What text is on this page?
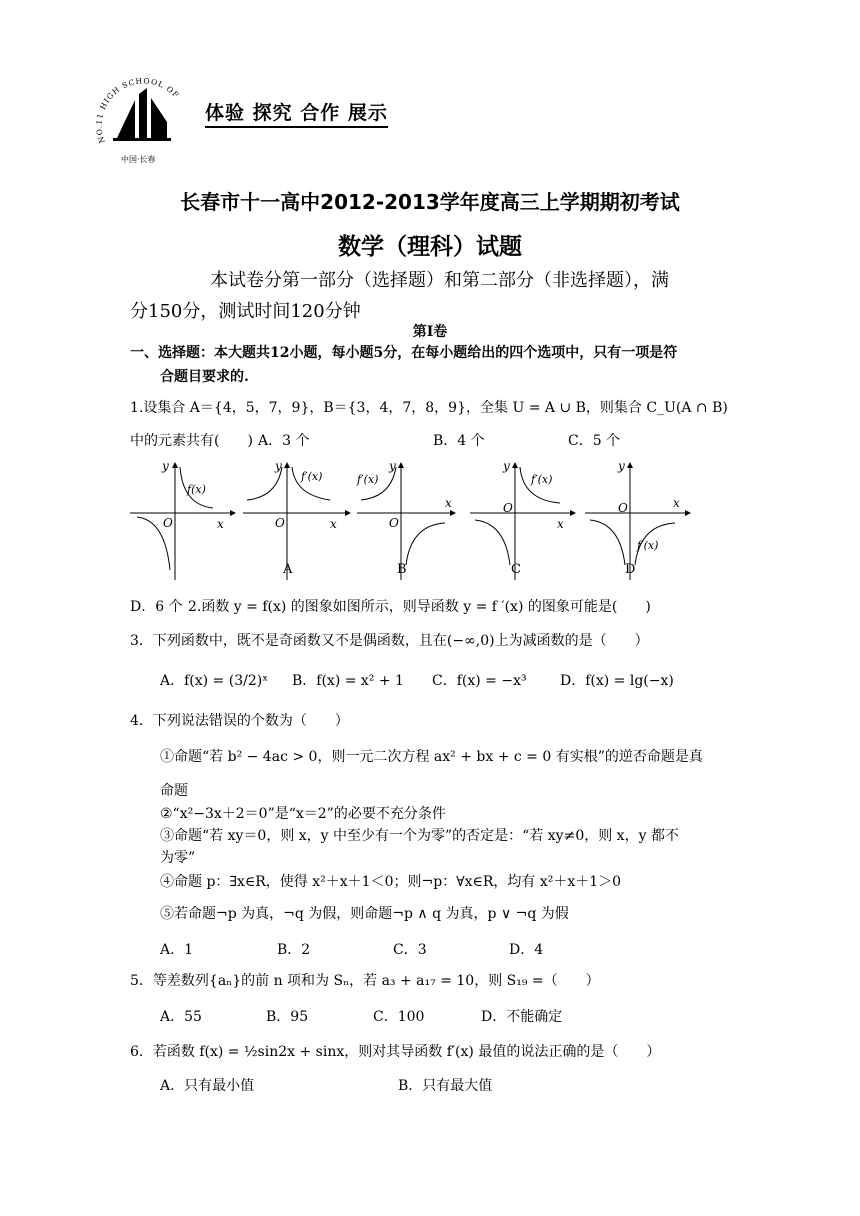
NO.11 HIGH SCHOOL OF
中国·长春
体验 探究 合作 展示
长春市十一高中2012-2013学年度高三上学期期初考试
数学（理科）试题
本试卷分第一部分（选择题）和第二部分（非选择题），满
分150分，测试时间120分钟
第Ⅰ卷
一、选择题：本大题共12小题，每小题5分，在每小题给出的四个选项中，只有一项是符
合题目要求的.
1.设集合 A＝{4，5，7，9}，B＝{3，4，7，8，9}，全集 U = A ∪ B，则集合 C_U(A ∩ B)
中的元素共有(　　) A．3 个	B．4 个	C．5 个
y
f(x)
O	x
y
f′(x)
O	x
A
y
f′(x)
O
x
B
y
f′(x)
O
x
C
y
f′(x)
O	x
D
D．6 个 2.函数 y = f(x) 的图象如图所示，则导函数 y = f ′(x) 的图象可能是(　　)
3．下列函数中，既不是奇函数又不是偶函数，且在(−∞,0)上为减函数的是（　　）
A．f(x) = (3/2)ˣ B．f(x) = x² + 1 C．f(x) = −x³ D．f(x) = lg(−x)
4．下列说法错误的个数为（　　）
①命题“若 b² − 4ac > 0，则一元二次方程 ax² + bx + c = 0 有实根”的逆否命题是真
命题
②“x²−3x＋2＝0”是“x＝2”的必要不充分条件
③命题“若 xy＝0，则 x，y 中至少有一个为零”的否定是：“若 xy≠0，则 x，y 都不
为零”
④命题 p：∃x∈R，使得 x²＋x＋1＜0；则¬p：∀x∈R，均有 x²＋x＋1＞0
⑤若命题¬p 为真，¬q 为假，则命题¬p ∧ q 为真，p ∨ ¬q 为假
A．1	B．2	C．3	D．4
5．等差数列{aₙ}的前 n 项和为 Sₙ，若 a₃ + a₁₇ = 10，则 S₁₉ =（　　）
A．55	B．95	C．100	D．不能确定
6．若函数 f(x) = ½sin2x + sinx，则对其导函数 f′(x) 最值的说法正确的是（　　）
A．只有最小值	B．只有最大值
